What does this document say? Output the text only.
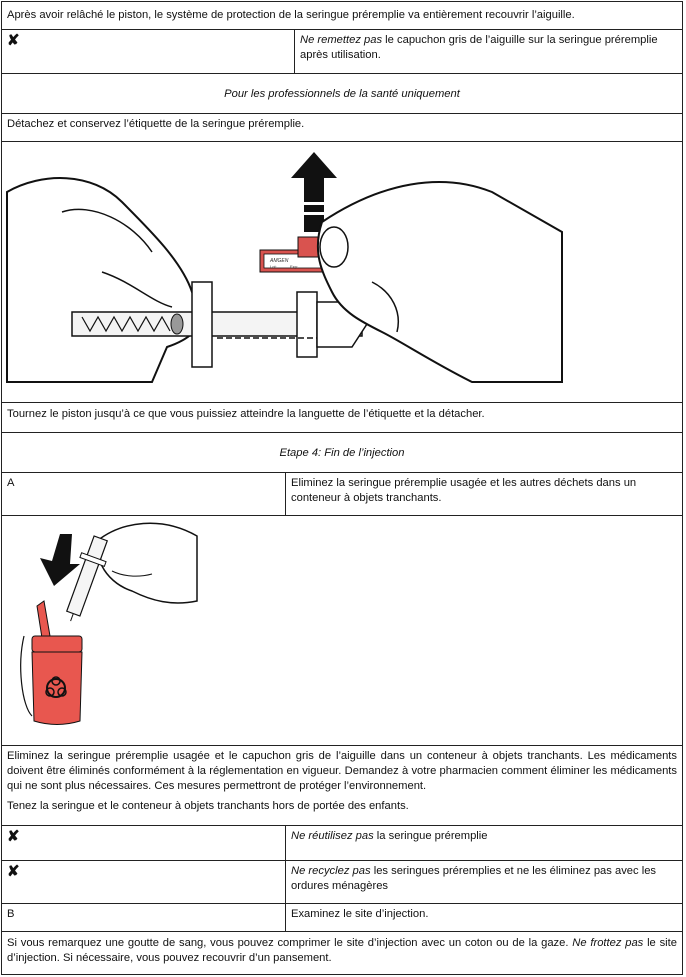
Après avoir relâché le piston, le système de protection de la seringue préremplie va entièrement recouvrir l’aiguille.
✘	Ne remettez pas le capuchon gris de l’aiguille sur la seringue préremplie après utilisation.
Pour les professionnels de la santé uniquement
Détachez et conservez l’étiquette de la seringue préremplie.
AMGEN
Lot:	Exp:
Tournez le piston jusqu’à ce que vous puissiez atteindre la languette de l’étiquette et la détacher.
Etape 4: Fin de l’injection
A	Eliminez la seringue préremplie usagée et les autres déchets dans un conteneur à objets tranchants.
Eliminez la seringue préremplie usagée et le capuchon gris de l’aiguille dans un conteneur à objets tranchants. Les médicaments doivent être éliminés conformément à la réglementation en vigueur. Demandez à votre pharmacien comment éliminer les médicaments qui ne sont plus nécessaires. Ces mesures permettront de protéger l’environnement.
Tenez la seringue et le conteneur à objets tranchants hors de portée des enfants.
✘	Ne réutilisez pas la seringue préremplie
✘	Ne recyclez pas les seringues préremplies et ne les éliminez pas avec les ordures ménagères
B	Examinez le site d’injection.
Si vous remarquez une goutte de sang, vous pouvez comprimer le site d’injection avec un coton ou de la gaze. Ne frottez pas le site d’injection. Si nécessaire, vous pouvez recouvrir d’un pansement.
